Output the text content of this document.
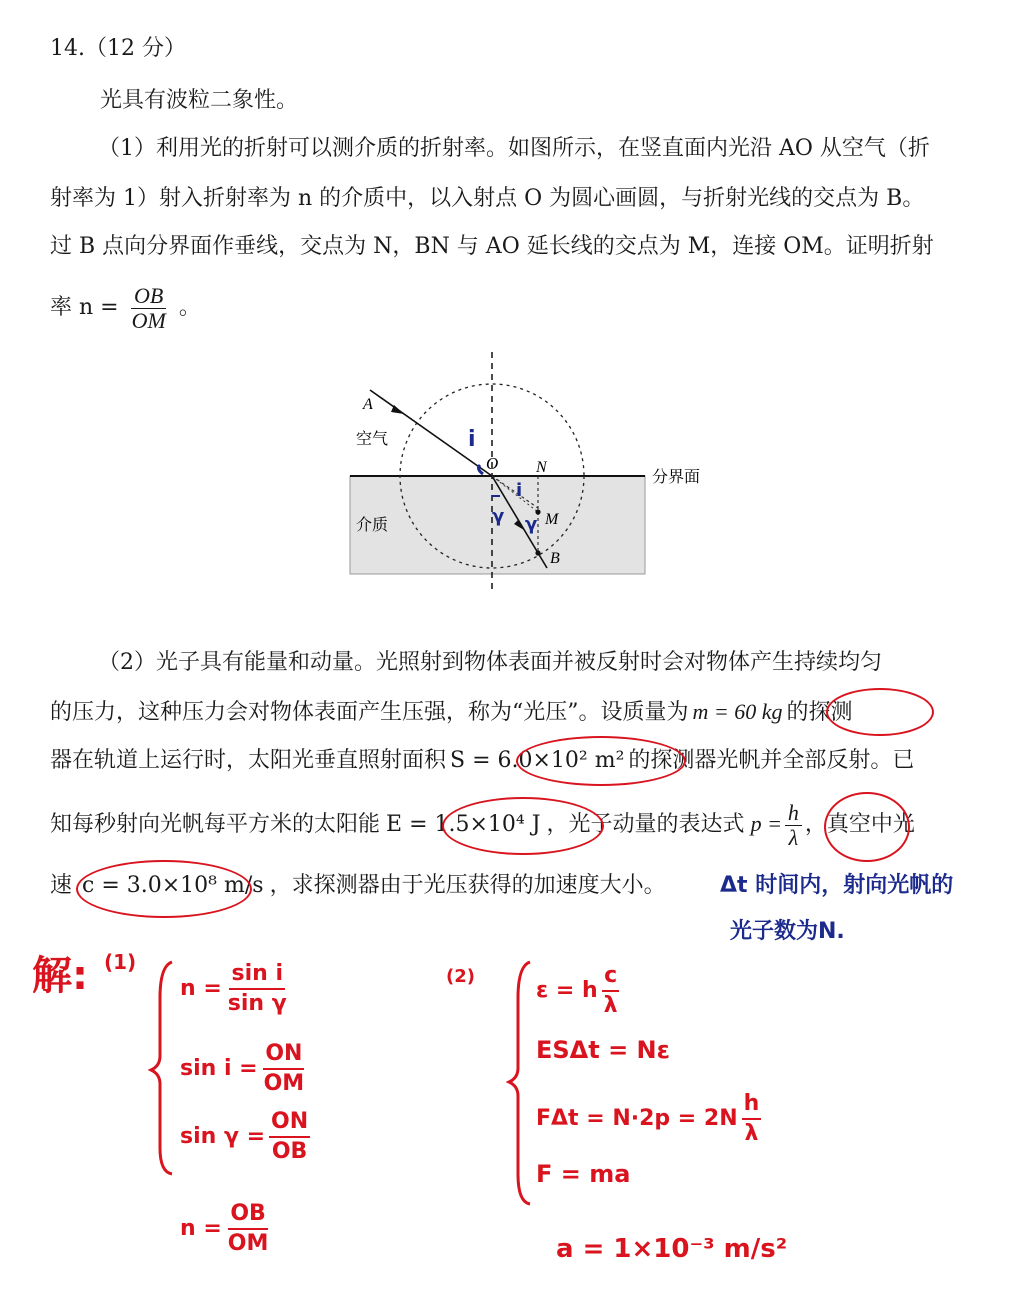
14.（12 分）
光具有波粒二象性。
（1）利用光的折射可以测介质的折射率。如图所示，在竖直面内光沿 AO 从空气（折
射率为 1）射入折射率为 n 的介质中，以入射点 O 为圆心画圆，与折射光线的交点为 B。
过 B 点向分界面作垂线，交点为 N，BN 与 AO 延长线的交点为 M，连接 OM。证明折射
率 $n = \frac{OB}{OM}$ 。
A
O N
M
B
空气
介质
分界面
i
i
γ γ
（2）光子具有能量和动量。光照射到物体表面并被反射时会对物体产生持续均匀
的压力，这种压力会对物体表面产生压强，称为“光压”。设质量为 m = 60 kg 的探测
器在轨道上运行时，太阳光垂直照射面积 S = 6.0×10² m² 的探测器光帆并全部反射。已
知每秒射向光帆每平方米的太阳能 E = 1.5×10⁴ J ，光子动量的表达式 $p = \frac{h}{\lambda}$ ，真空中光
速 c = 3.0×10⁸ m/s ，求探测器由于光压获得的加速度大小。 Δt 时间内，射向光帆的
光子数为N.
解: (1)
$n = \frac{\text{sin i}}{\text{sin γ}}$
$\sin i = \frac{ON}{OM}$
$\sin \gamma = \frac{ON}{OB}$
$n = \frac{OB}{OM}$
(2)
ε = h $\frac{c}{\lambda}$
ESΔt = Nε
$F\Delta t = N\cdot 2p = 2N \frac{h}{\lambda}$
F = ma
a = 1×10⁻³ m/s²
